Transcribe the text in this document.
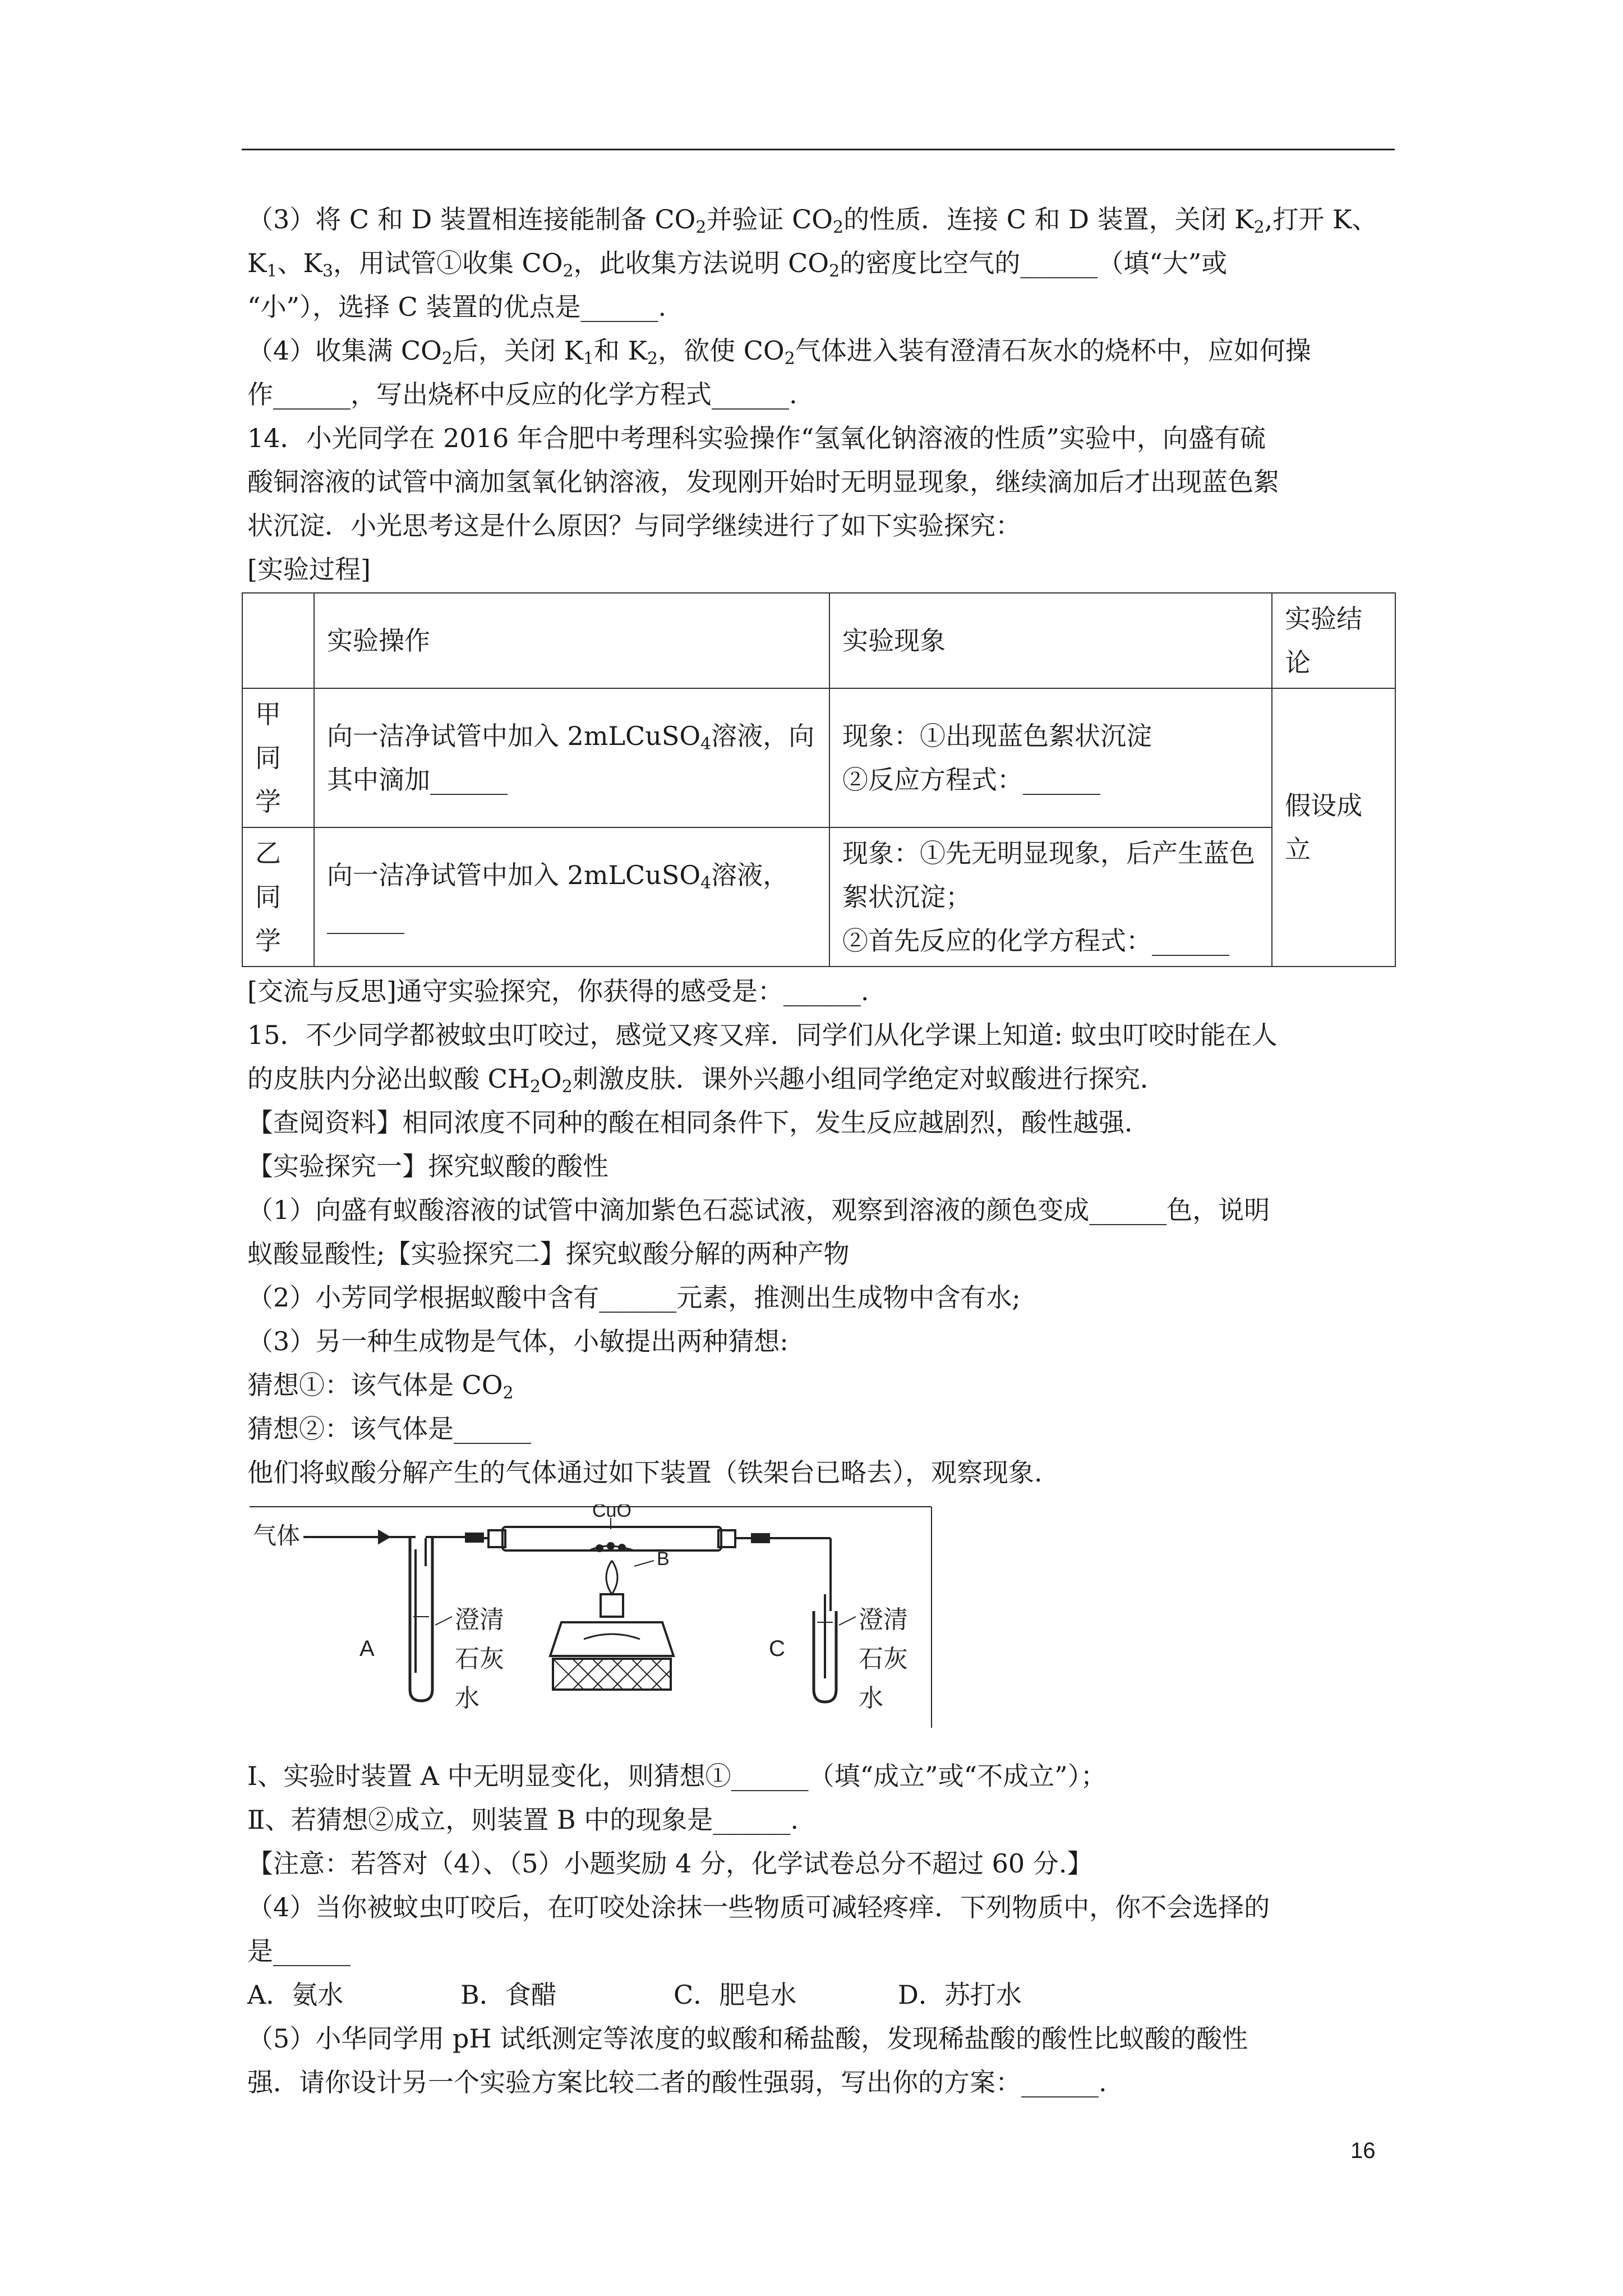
（3）将 C 和 D 装置相连接能制备 $CO_2$并验证 $CO_2$的性质．连接 C 和 D 装置，关闭 $K_2$,打开 K、
$K_1$、$K_3$，用试管①收集 $CO_2$，此收集方法说明 $CO_2$的密度比空气的______（填“大”或
“小”），选择 C 装置的优点是______.
（4）收集满 $CO_2$后，关闭 $K_1$和 $K_2$，欲使 $CO_2$气体进入装有澄清石灰水的烧杯中，应如何操
作______，写出烧杯中反应的化学方程式______.
14．小光同学在 2016 年合肥中考理科实验操作“氢氧化钠溶液的性质”实验中，向盛有硫
酸铜溶液的试管中滴加氢氧化钠溶液，发现刚开始时无明显现象，继续滴加后才出现蓝色絮
状沉淀．小光思考这是什么原因？与同学继续进行了如下实验探究：
[实验过程]
	实验操作	实验现象	实验结论
甲同学	向一洁净试管中加入 2mLCuSO$_4$溶液，向其中滴加______	现象：①出现蓝色絮状沉淀
②反应方程式：______	假设成立
乙同学	向一洁净试管中加入 2mLCuSO$_4$溶液，______	现象：①先无明显现象，后产生蓝色絮状沉淀；
②首先反应的化学方程式：______	
[交流与反思]通守实验探究，你获得的感受是：______.
15．不少同学都被蚊虫叮咬过，感觉又疼又痒．同学们从化学课上知道: 蚊虫叮咬时能在人
的皮肤内分泌出蚁酸 $CH_2O_2$刺激皮肤．课外兴趣小组同学绝定对蚁酸进行探究．
【查阅资料】相同浓度不同种的酸在相同条件下，发生反应越剧烈，酸性越强．
【实验探究一】探究蚁酸的酸性
（1）向盛有蚁酸溶液的试管中滴加紫色石蕊试液，观察到溶液的颜色变成______色，说明
蚁酸显酸性;【实验探究二】探究蚁酸分解的两种产物
（2）小芳同学根据蚁酸中含有______元素，推测出生成物中含有水;
（3）另一种生成物是气体，小敏提出两种猜想:
猜想①：该气体是 $CO_2$
猜想②：该气体是______
他们将蚁酸分解产生的气体通过如下装置（铁架台已略去），观察现象.
气体
CuO
A
B
C
澄清
石灰
水
澄清
石灰
水
Ⅰ、实验时装置 A 中无明显变化，则猜想①______（填“成立”或“不成立”）；
Ⅱ、若猜想②成立，则装置 B 中的现象是______.
【注意：若答对（4）、（5）小题奖励 4 分，化学试卷总分不超过 60 分.】
（4）当你被蚊虫叮咬后，在叮咬处涂抹一些物质可减轻疼痒．下列物质中，你不会选择的
是______
A．氨水	B．食醋	C．肥皂水	D．苏打水
（5）小华同学用 pH 试纸测定等浓度的蚁酸和稀盐酸，发现稀盐酸的酸性比蚁酸的酸性
强．请你设计另一个实验方案比较二者的酸性强弱，写出你的方案：______.
16
